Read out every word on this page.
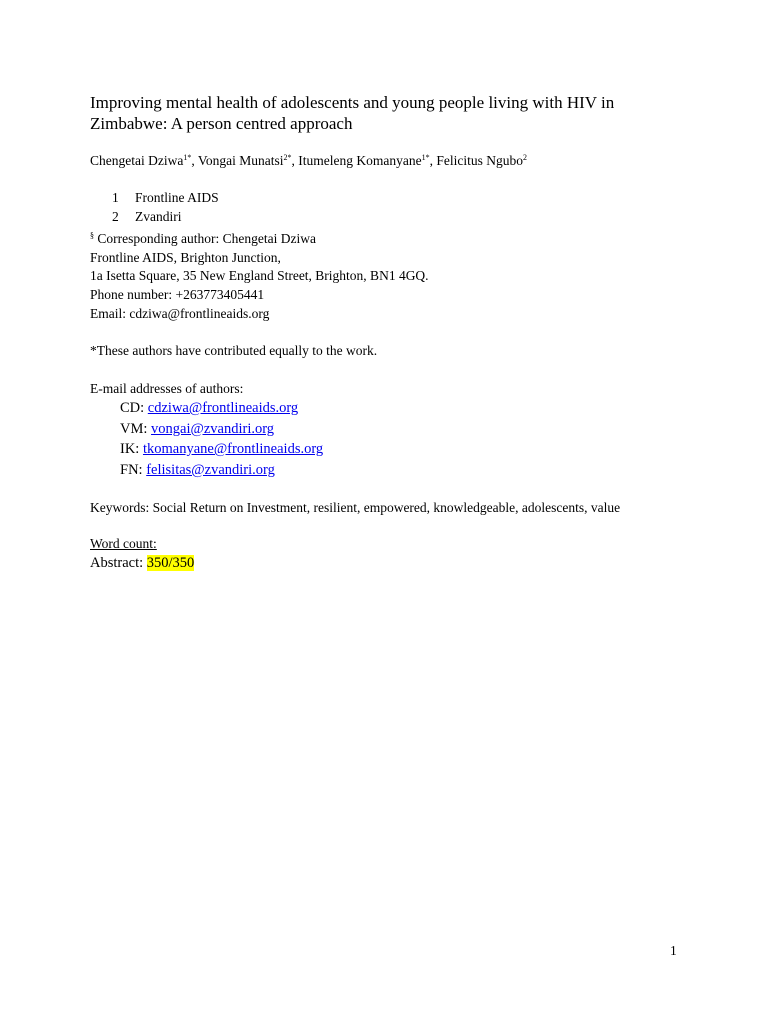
Improving mental health of adolescents and young people living with HIV in Zimbabwe: A person centred approach
Chengetai Dziwa$^{1*}$, Vongai Munatsi$^{2*}$, Itumeleng Komanyane$^{1*}$, Felicitus Ngubo$^2$
1	Frontline AIDS
2	Zvandiri
§ Corresponding author: Chengetai Dziwa
Frontline AIDS, Brighton Junction,
1a Isetta Square, 35 New England Street, Brighton, BN1 4GQ.
Phone number: +263773405441
Email: cdziwa@frontlineaids.org
*These authors have contributed equally to the work.
E-mail addresses of authors:
CD: cdziwa@frontlineaids.org
VM: vongai@zvandiri.org
IK: tkomanyane@frontlineaids.org
FN: felisitas@zvandiri.org
Keywords: Social Return on Investment, resilient, empowered, knowledgeable, adolescents, value
Word count:
Abstract: 350/350
1
